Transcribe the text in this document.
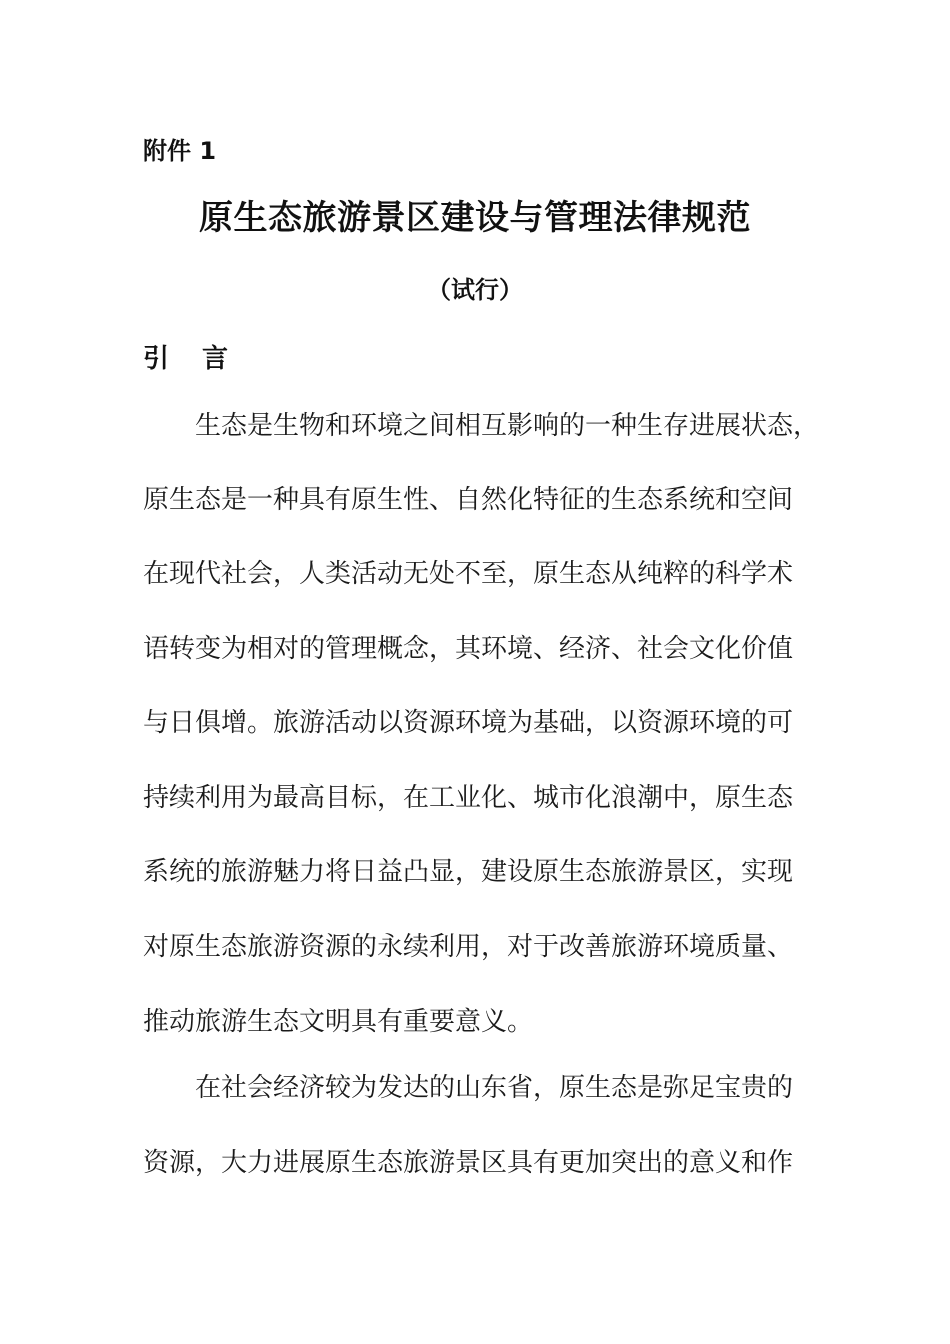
附件 1
原生态旅游景区建设与管理法律规范
（试行）
引 言
生态是生物和环境之间相互影响的一种生存进展状态，
原生态是一种具有原生性、自然化特征的生态系统和空间
在现代社会，人类活动无处不至，原生态从纯粹的科学术
语转变为相对的管理概念，其环境、经济、社会文化价值
与日俱增。旅游活动以资源环境为基础，以资源环境的可
持续利用为最高目标，在工业化、城市化浪潮中，原生态
系统的旅游魅力将日益凸显，建设原生态旅游景区，实现
对原生态旅游资源的永续利用，对于改善旅游环境质量、
推动旅游生态文明具有重要意义。
在社会经济较为发达的山东省，原生态是弥足宝贵的
资源，大力进展原生态旅游景区具有更加突出的意义和作
